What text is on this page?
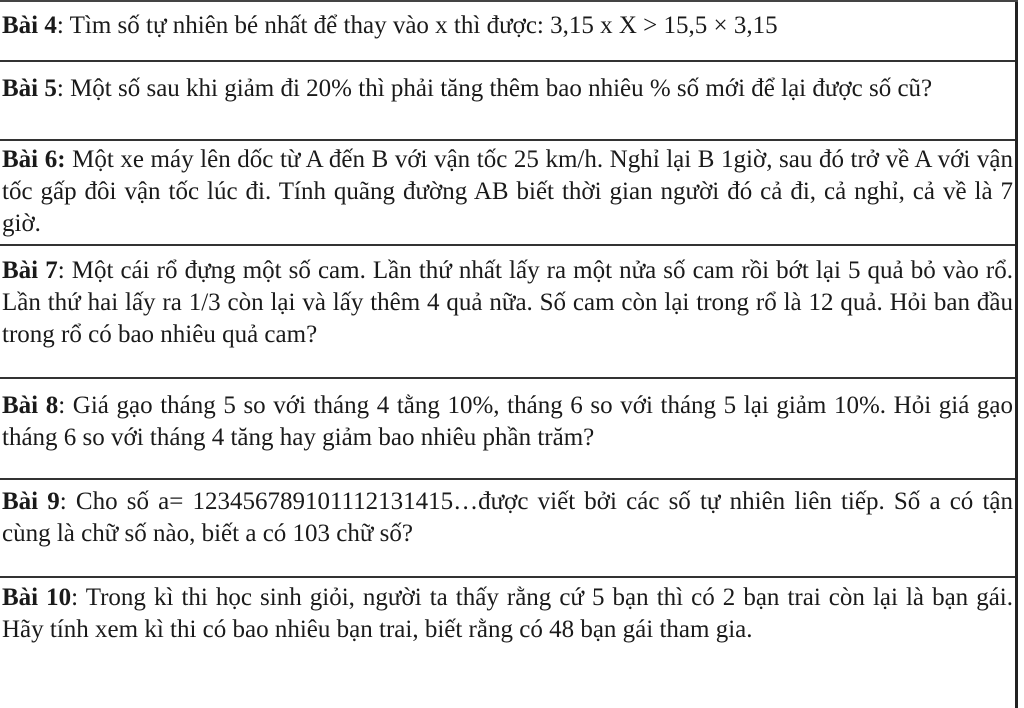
Bài 4: Tìm số tự nhiên bé nhất để thay vào x thì được: 3,15 x X > 15,5 × 3,15

Bài 5: Một số sau khi giảm đi 20% thì phải tăng thêm bao nhiêu % số mới để lại được số cũ?

Bài 6: Một xe máy lên dốc từ A đến B với vận tốc 25 km/h. Nghỉ lại B 1giờ, sau đó trở về A với vận tốc gấp đôi vận tốc lúc đi. Tính quãng đường AB biết thời gian người đó cả đi, cả nghỉ, cả về là 7 giờ.

Bài 7: Một cái rổ đựng một số cam. Lần thứ nhất lấy ra một nửa số cam rồi bớt lại 5 quả bỏ vào rổ. Lần thứ hai lấy ra 1/3 còn lại và lấy thêm 4 quả nữa. Số cam còn lại trong rổ là 12 quả. Hỏi ban đầu trong rổ có bao nhiêu quả cam?

Bài 8: Giá gạo tháng 5 so với tháng 4 tằng 10%, tháng 6 so với tháng 5 lại giảm 10%. Hỏi giá gạo tháng 6 so với tháng 4 tăng hay giảm bao nhiêu phần trăm?

Bài 9: Cho số a= 123456789101112131415…được viết bởi các số tự nhiên liên tiếp. Số a có tận cùng là chữ số nào, biết a có 103 chữ số?

Bài 10: Trong kì thi học sinh giỏi, người ta thấy rằng cứ 5 bạn thì có 2 bạn trai còn lại là bạn gái. Hãy tính xem kì thi có bao nhiêu bạn trai, biết rằng có 48 bạn gái tham gia.
